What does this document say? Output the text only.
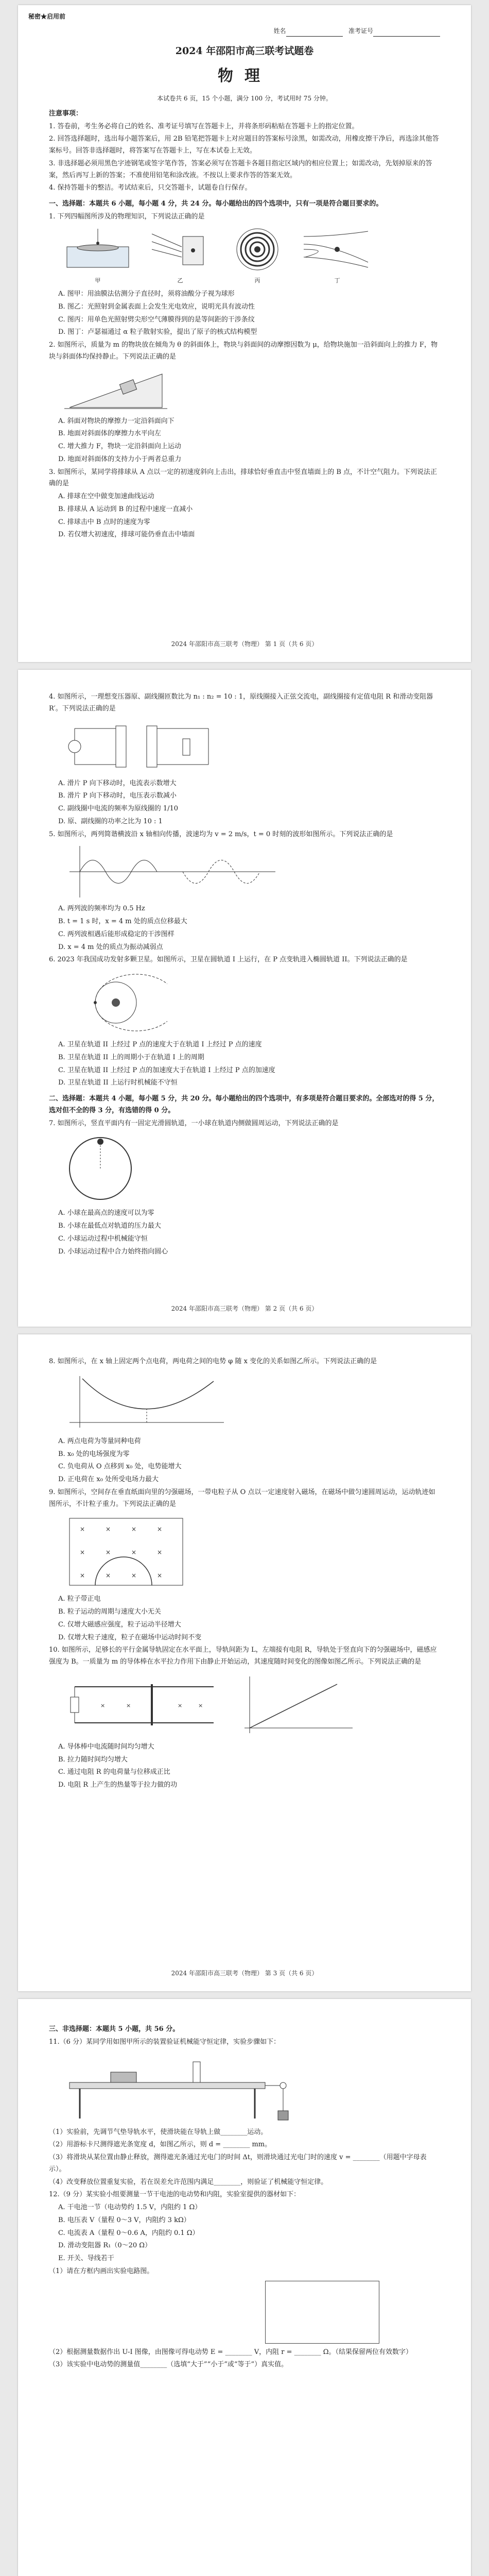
秘密★启用前
姓名	准考证号
2024 年邵阳市高三联考试题卷
物理
本试卷共 6 页，15 个小题，满分 100 分，考试用时 75 分钟。
注意事项：

1. 答卷前，考生务必将自己的姓名、准考证号填写在答题卡上，并将条形码粘贴在答题卡上的指定位置。

2. 回答选择题时，选出每小题答案后，用 2B 铅笔把答题卡上对应题目的答案标号涂黑，如需改动，用橡皮擦干净后，再选涂其他答案标号。回答非选择题时，将答案写在答题卡上，写在本试卷上无效。

3. 非选择题必须用黑色字迹钢笔或签字笔作答，答案必须写在答题卡各题目指定区域内的相应位置上；如需改动，先划掉原来的答案，然后再写上新的答案；不准使用铅笔和涂改液。不按以上要求作答的答案无效。

4. 保持答题卡的整洁。考试结束后，只交答题卡，试题卷自行保存。

一、选择题：本题共 6 小题，每小题 4 分，共 24 分。每小题给出的四个选项中，只有一项是符合题目要求的。

1. 下列四幅图所涉及的物理知识，下列说法正确的是

甲	乙	丙	丁

A. 图甲：用油膜法估测分子直径时，须将油酸分子视为球形

B. 图乙：光照射到金属表面上会发生光电效应，说明光具有波动性

C. 图丙：用单色光照射劈尖形空气薄膜得到的是等间距的干涉条纹

D. 图丁：卢瑟福通过 α 粒子散射实验，提出了原子的核式结构模型

2. 如图所示，质量为 m 的物块放在倾角为 θ 的斜面体上，物块与斜面间的动摩擦因数为 μ，给物块施加一沿斜面向上的推力 F，物块与斜面体均保持静止。下列说法正确的是

A. 斜面对物块的摩擦力一定沿斜面向下

B. 地面对斜面体的摩擦力水平向左

C. 增大推力 F，物块一定沿斜面向上运动

D. 地面对斜面体的支持力小于两者总重力

3. 如图所示，某同学将排球从 A 点以一定的初速度斜向上击出，排球恰好垂直击中竖直墙面上的 B 点，不计空气阻力。下列说法正确的是

A. 排球在空中做变加速曲线运动

B. 排球从 A 运动到 B 的过程中速度一直减小

C. 排球击中 B 点时的速度为零

D. 若仅增大初速度，排球可能仍垂直击中墙面

2024 年邵阳市高三联考（物理） 第 1 页（共 6 页）

4. 如图所示，一理想变压器原、副线圈匝数比为 n₁ : n₂ = 10 : 1，原线圈接入正弦交流电，副线圈接有定值电阻 R 和滑动变阻器 R′。下列说法正确的是

A. 滑片 P 向下移动时，电流表示数增大

B. 滑片 P 向下移动时，电压表示数减小

C. 副线圈中电流的频率为原线圈的 1/10

D. 原、副线圈的功率之比为 10 : 1

5. 如图所示，两列简谐横波沿 x 轴相向传播，波速均为 v = 2 m/s，t = 0 时刻的波形如图所示。下列说法正确的是

A. 两列波的频率均为 0.5 Hz

B. t = 1 s 时，x = 4 m 处的质点位移最大

C. 两列波相遇后能形成稳定的干涉图样

D. x = 4 m 处的质点为振动减弱点

6. 2023 年我国成功发射多颗卫星。如图所示，卫星在圆轨道 I 上运行，在 P 点变轨进入椭圆轨道 II。下列说法正确的是

A. 卫星在轨道 II 上经过 P 点的速度大于在轨道 I 上经过 P 点的速度

B. 卫星在轨道 II 上的周期小于在轨道 I 上的周期

C. 卫星在轨道 II 上经过 P 点的加速度大于在轨道 I 上经过 P 点的加速度

D. 卫星在轨道 II 上运行时机械能不守恒

二、选择题：本题共 4 小题，每小题 5 分，共 20 分。每小题给出的四个选项中，有多项是符合题目要求的。全部选对的得 5 分，选对但不全的得 3 分，有选错的得 0 分。

7. 如图所示，竖直平面内有一固定光滑圆轨道，一小球在轨道内侧做圆周运动，下列说法正确的是

A. 小球在最高点的速度可以为零

B. 小球在最低点对轨道的压力最大

C. 小球运动过程中机械能守恒

D. 小球运动过程中合力始终指向圆心

2024 年邵阳市高三联考（物理） 第 2 页（共 6 页）

8. 如图所示，在 x 轴上固定两个点电荷，两电荷之间的电势 φ 随 x 变化的关系如图乙所示。下列说法正确的是

A. 两点电荷为等量同种电荷

B. x₀ 处的电场强度为零

C. 负电荷从 O 点移到 x₀ 处，电势能增大

D. 正电荷在 x₀ 处所受电场力最大

9. 如图所示，空间存在垂直纸面向里的匀强磁场，一带电粒子从 O 点以一定速度射入磁场，在磁场中做匀速圆周运动，运动轨迹如图所示，不计粒子重力。下列说法正确的是

×	×	×	×
×	×	×	×
×	×	×	×

A. 粒子带正电

B. 粒子运动的周期与速度大小无关

C. 仅增大磁感应强度，粒子运动半径增大

D. 仅增大粒子速度，粒子在磁场中运动时间不变

10. 如图所示，足够长的平行金属导轨固定在水平面上，导轨间距为 L，左端接有电阻 R，导轨处于竖直向下的匀强磁场中，磁感应强度为 B。一质量为 m 的导体棒在水平拉力作用下由静止开始运动，其速度随时间变化的图像如图乙所示。下列说法正确的是

×	×	×	×

A. 导体棒中电流随时间均匀增大

B. 拉力随时间均匀增大

C. 通过电阻 R 的电荷量与位移成正比

D. 电阻 R 上产生的热量等于拉力做的功

2024 年邵阳市高三联考（物理） 第 3 页（共 6 页）
三、非选择题：本题共 5 小题，共 56 分。

11.（6 分）某同学用如图甲所示的装置验证机械能守恒定律，实验步骤如下：

（1）实验前，先调节气垫导轨水平，使滑块能在导轨上做________运动。

（2）用游标卡尺测得遮光条宽度 d，如图乙所示，则 d = ________ mm。

（3）将滑块从某位置由静止释放，测得遮光条通过光电门的时间 Δt，则滑块通过光电门时的速度 v = ________（用题中字母表示）。

（4）改变释放位置重复实验，若在误差允许范围内满足________，则验证了机械能守恒定律。

12.（9 分）某实验小组要测量一节干电池的电动势和内阻，实验室提供的器材如下：

A. 干电池一节（电动势约 1.5 V，内阻约 1 Ω）

B. 电压表 V（量程 0～3 V，内阻约 3 kΩ）

C. 电流表 A（量程 0～0.6 A，内阻约 0.1 Ω）

D. 滑动变阻器 R₁（0～20 Ω）

E. 开关、导线若干

（1）请在方框内画出实验电路图。

（2）根据测量数据作出 U-I 图像，由图像可得电动势 E = ________ V，内阻 r = ________ Ω。（结果保留两位有效数字）

（3）该实验中电动势的测量值________（选填“大于”“小于”或“等于”）真实值。
